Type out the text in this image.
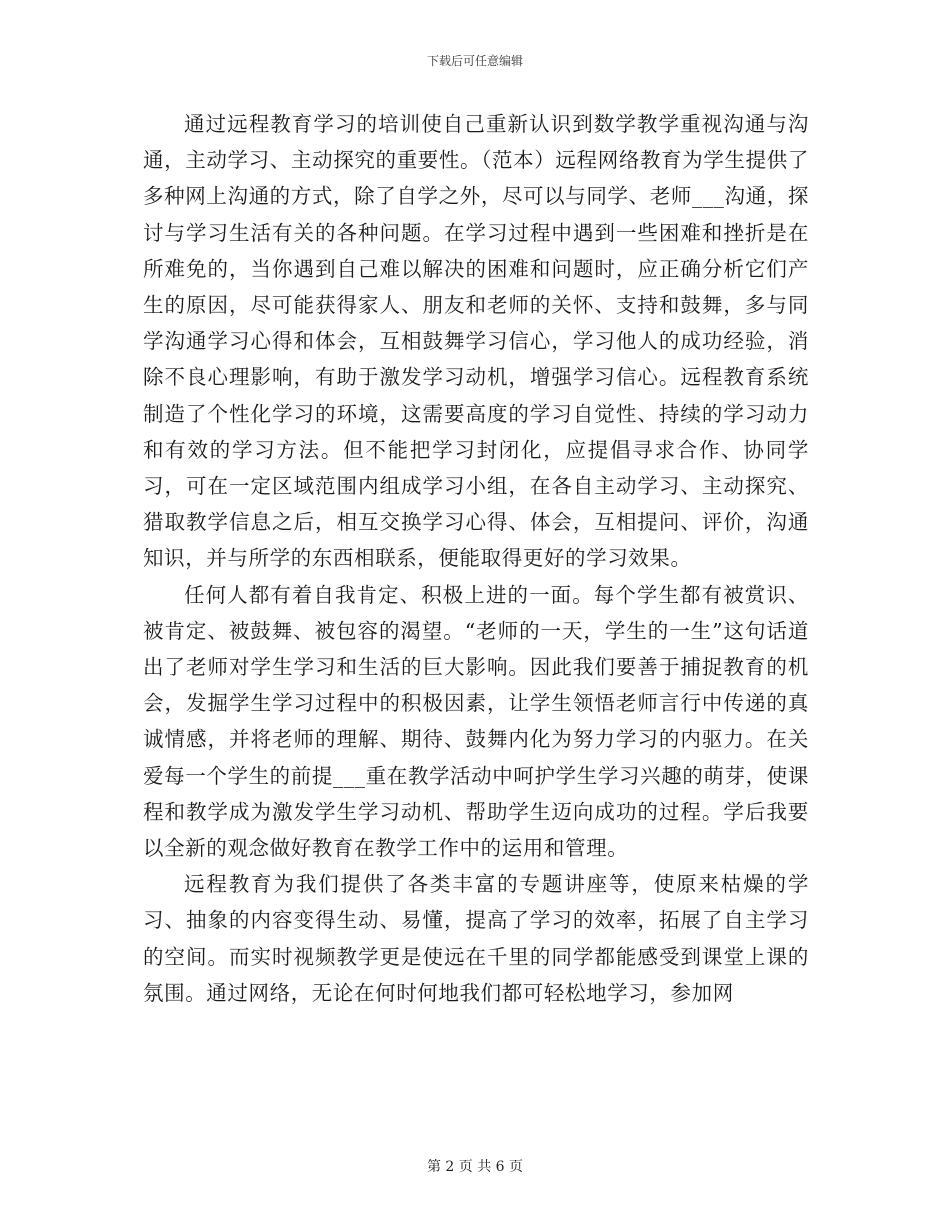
下载后可任意编辑

通过远程教育学习的培训使自己重新认识到数学教学重视沟通与沟通，主动学习、主动探究的重要性。（范本）远程网络教育为学生提供了多种网上沟通的方式，除了自学之外，尽可以与同学、老师___沟通，探讨与学习生活有关的各种问题。在学习过程中遇到一些困难和挫折是在所难免的，当你遇到自己难以解决的困难和问题时，应正确分析它们产生的原因，尽可能获得家人、朋友和老师的关怀、支持和鼓舞，多与同学沟通学习心得和体会，互相鼓舞学习信心，学习他人的成功经验，消除不良心理影响，有助于激发学习动机，增强学习信心。远程教育系统制造了个性化学习的环境，这需要高度的学习自觉性、持续的学习动力和有效的学习方法。但不能把学习封闭化，应提倡寻求合作、协同学习，可在一定区域范围内组成学习小组，在各自主动学习、主动探究、猎取教学信息之后，相互交换学习心得、体会，互相提问、评价，沟通知识，并与所学的东西相联系，便能取得更好的学习效果。

任何人都有着自我肯定、积极上进的一面。每个学生都有被赏识、被肯定、被鼓舞、被包容的渴望。“老师的一天，学生的一生”这句话道出了老师对学生学习和生活的巨大影响。因此我们要善于捕捉教育的机会，发掘学生学习过程中的积极因素，让学生领悟老师言行中传递的真诚情感，并将老师的理解、期待、鼓舞内化为努力学习的内驱力。在关爱每一个学生的前提___重在教学活动中呵护学生学习兴趣的萌芽，使课程和教学成为激发学生学习动机、帮助学生迈向成功的过程。学后我要以全新的观念做好教育在教学工作中的运用和管理。

远程教育为我们提供了各类丰富的专题讲座等，使原来枯燥的学习、抽象的内容变得生动、易懂，提高了学习的效率，拓展了自主学习的空间。而实时视频教学更是使远在千里的同学都能感受到课堂上课的氛围。通过网络，无论在何时何地我们都可轻松地学习，参加网

第 2 页 共 6 页
